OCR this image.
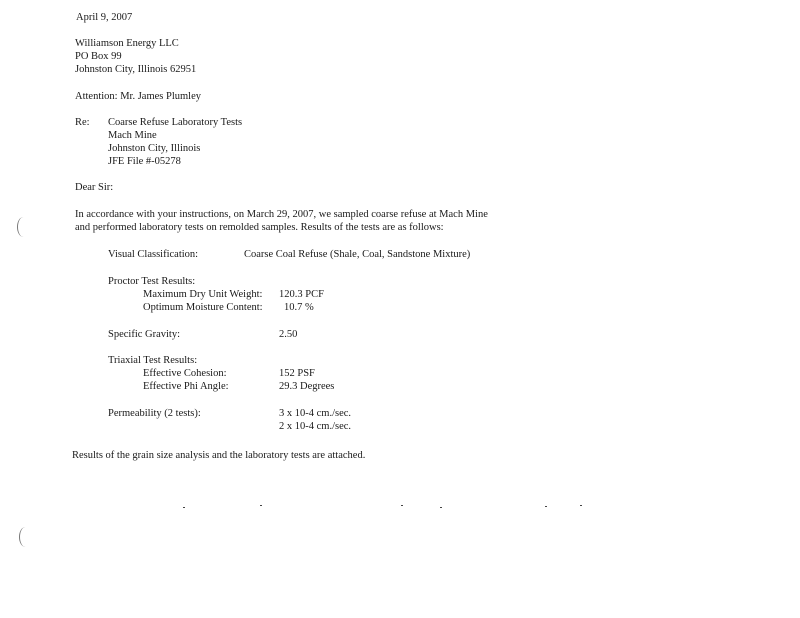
April 9, 2007
Williamson Energy LLC
PO Box 99
Johnston City, Illinois 62951
Attention: Mr. James Plumley
Re: Coarse Refuse Laboratory Tests
Mach Mine
Johnston City, Illinois
JFE File #-05278
Dear Sir:
In accordance with your instructions, on March 29, 2007, we sampled coarse refuse at Mach Mine
and performed laboratory tests on remolded samples. Results of the tests are as follows:
Visual Classification:	Coarse Coal Refuse (Shale, Coal, Sandstone Mixture)
Proctor Test Results:
Maximum Dry Unit Weight: 120.3 PCF
Optimum Moisture Content: 10.7 %
Specific Gravity:	2.50
Triaxial Test Results:
Effective Cohesion:	152 PSF
Effective Phi Angle:	29.3 Degrees
Permeability (2 tests):	3 x 10-4 cm./sec.
2 x 10-4 cm./sec.
Results of the grain size analysis and the laboratory tests are attached.
